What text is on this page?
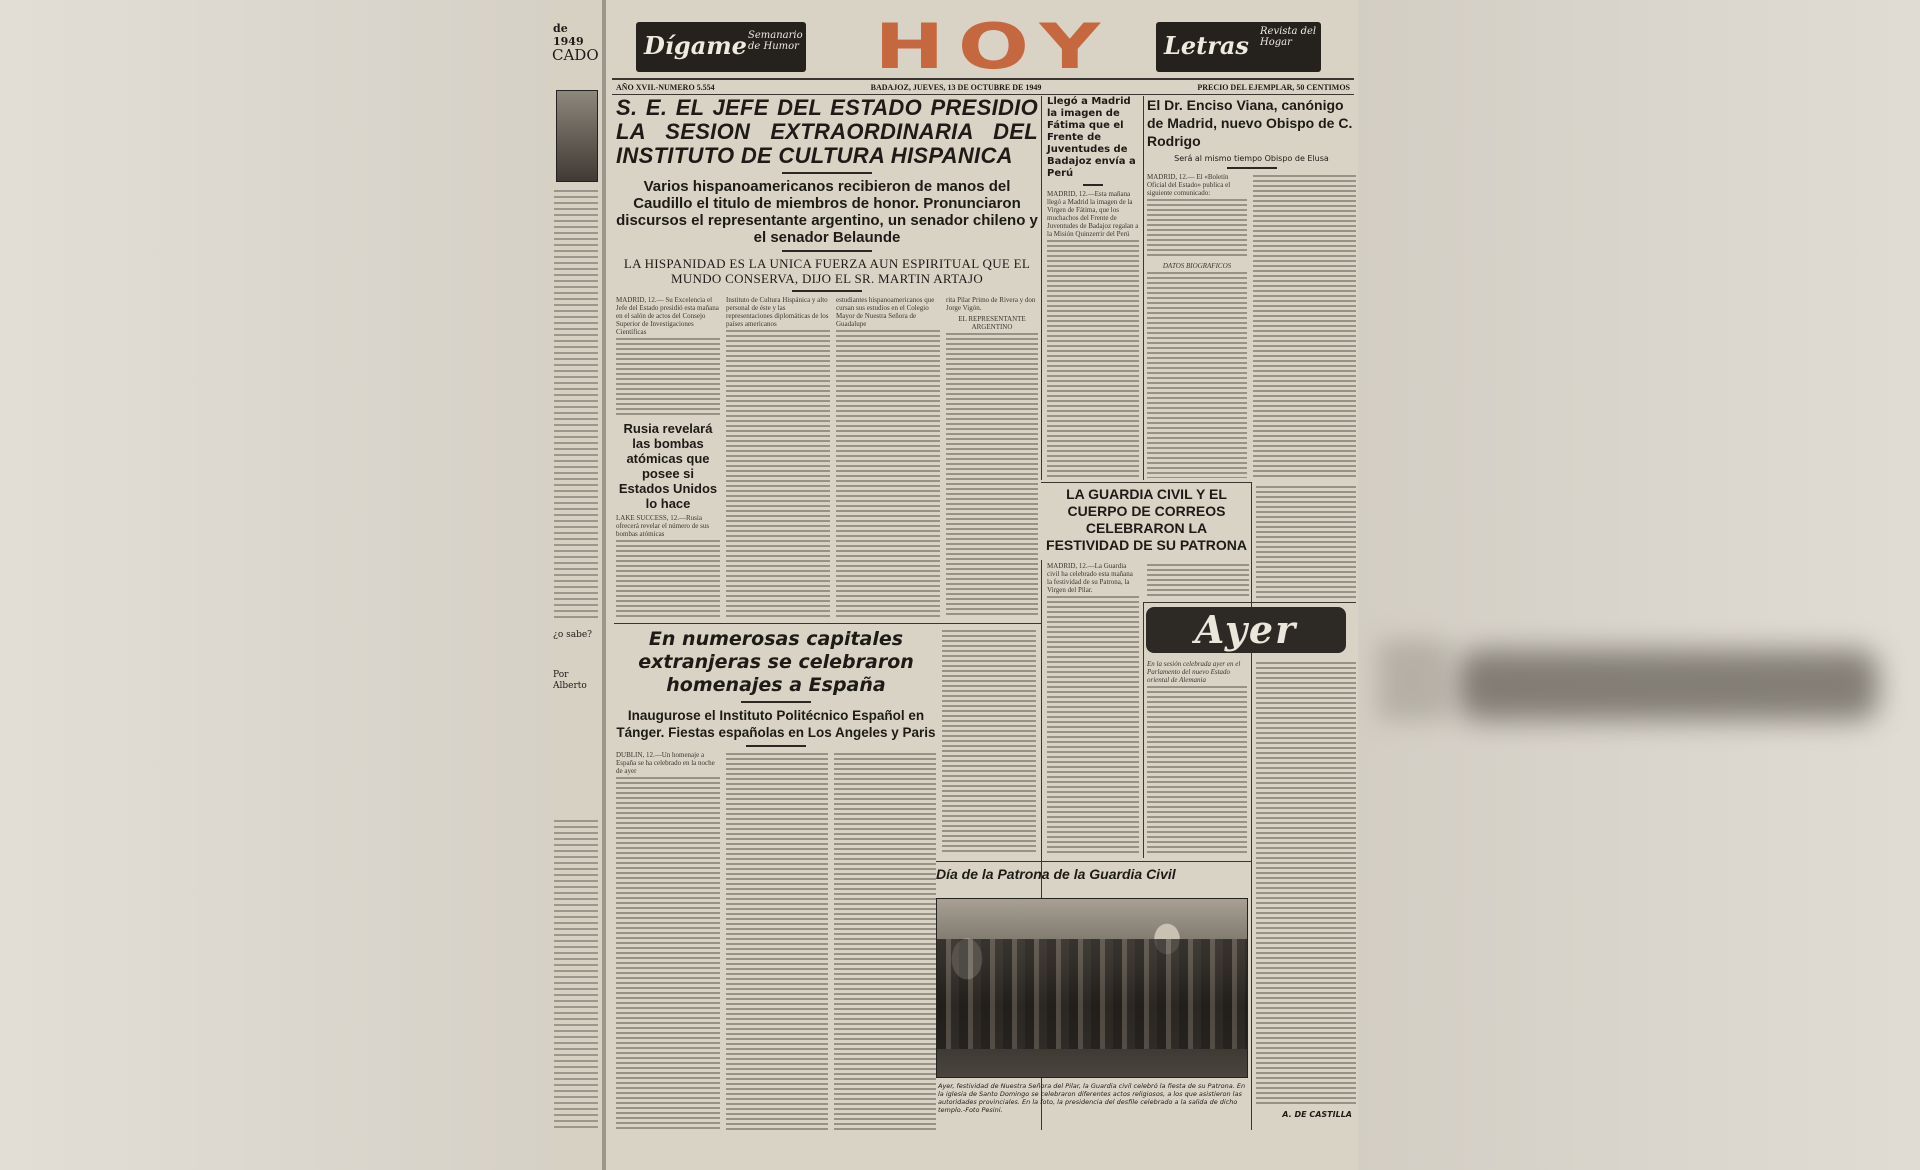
de 1949
CADO
¿o sabe?
Por Alberto
Dígame Semanario de Humor	HOY	Letras Revista del Hogar
AÑO XVII.-NUMERO 5.554	BADAJOZ, JUEVES, 13 DE OCTUBRE DE 1949	PRECIO DEL EJEMPLAR, 50 CENTIMOS
S. E. EL JEFE DEL ESTADO PRESIDIO LA SESION EXTRAORDINARIA DEL INSTITUTO DE CULTURA HISPANICA
Varios hispanoamericanos recibieron de manos del Caudillo el titulo de miembros de honor. Pronunciaron discursos el representante argentino, un senador chileno y el senador Belaunde
LA HISPANIDAD ES LA UNICA FUERZA AUN ESPIRITUAL QUE EL MUNDO CONSERVA, DIJO EL SR. MARTIN ARTAJO
MADRID, 12.— Su Excelencia el Jefe del Estado presidió esta mañana en el salón de actos del Consejo Superior de Investigaciones Científicas
Rusia revelará las bombas atómicas que posee si Estados Unidos lo hace
LAKE SUCCESS, 12.—Rusia ofrecerá revelar el número de sus bombas atómicas
Instituto de Cultura Hispánica y alto personal de éste y las representaciones diplomáticas de los países americanos
estudiantes hispanoamericanos que cursan sus estudios en el Colegio Mayor de Nuestra Señora de Guadalupe
rita Pilar Primo de Rivera y don Jorge Vigón.
EL REPRESENTANTE ARGENTINO
En numerosas capitales extranjeras se celebraron homenajes a España
Inaugurose el Instituto Politécnico Español en Tánger. Fiestas españolas en Los Angeles y Paris
DUBLIN, 12.—Un homenaje a España se ha celebrado en la noche de ayer
Llegó a Madrid la imagen de Fátima que el Frente de Juventudes de Badajoz envía a Perú
MADRID, 12.—Esta mañana llegó a Madrid la imagen de la Virgen de Fátima, que los muchachos del Frente de Juventudes de Badajoz regalan a la Misión Quinzerrir del Perú
El Dr. Enciso Viana, canónigo de Madrid, nuevo Obispo de C. Rodrigo
Será al mismo tiempo Obispo de Elusa
MADRID, 12.— El «Boletín Oficial del Estado» publica el siguiente comunicado:
DATOS BIOGRAFICOS
LA GUARDIA CIVIL Y EL CUERPO DE CORREOS CELEBRARON LA FESTIVIDAD DE SU PATRONA
MADRID, 12.—La Guardia civil ha celebrado esta mañana la festividad de su Patrona, la Virgen del Pilar.
Ayer
En la sesión celebrada ayer en el Parlamento del nuevo Estado oriental de Alemania
A. DE CASTILLA
Día de la Patrona de la Guardia Civil
Ayer, festividad de Nuestra Señora del Pilar, la Guardia civil celebró la fiesta de su Patrona. En la iglesia de Santo Domingo se celebraron diferentes actos religiosos, a los que asistieron las autoridades provinciales. En la foto, la presidencia del desfile celebrado a la salida de dicho templo.-Foto Pesini.
